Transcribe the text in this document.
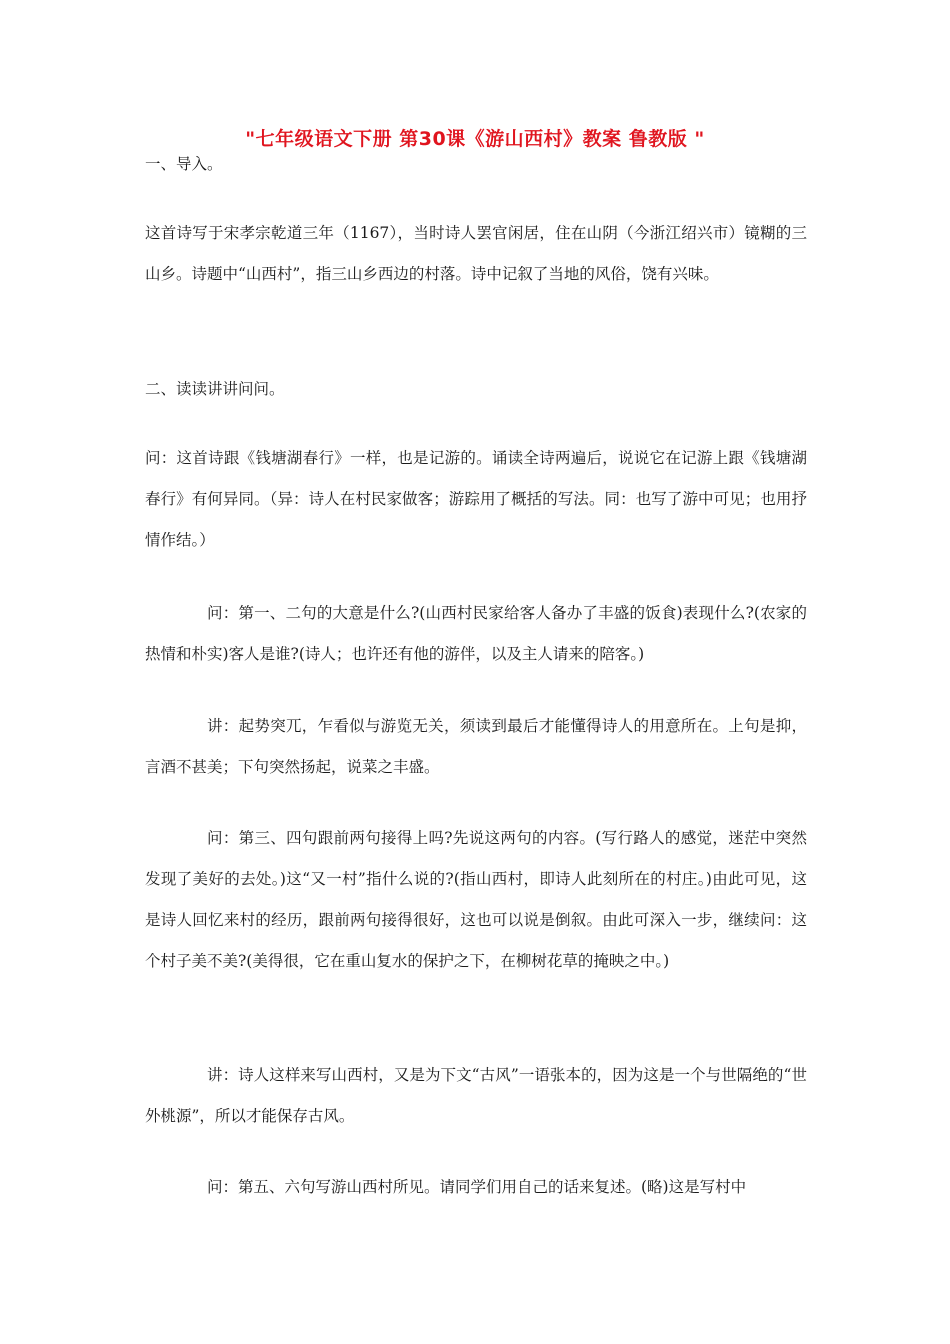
"七年级语文下册 第30课《游山西村》教案 鲁教版 "
一、导入。

这首诗写于宋孝宗乾道三年（1167），当时诗人罢官闲居，住在山阴（今浙江绍兴市）镜糊的三山乡。诗题中“山西村”，指三山乡西边的村落。诗中记叙了当地的风俗，饶有兴味。

二、读读讲讲问问。

问：这首诗跟《钱塘湖春行》一样，也是记游的。诵读全诗两遍后，说说它在记游上跟《钱塘湖春行》有何异同。（异：诗人在村民家做客；游踪用了概括的写法。同：也写了游中可见；也用抒情作结。）

问：第一、二句的大意是什么?(山西村民家给客人备办了丰盛的饭食)表现什么?(农家的热情和朴实)客人是谁?(诗人；也许还有他的游伴，以及主人请来的陪客。)

讲：起势突兀，乍看似与游览无关，须读到最后才能懂得诗人的用意所在。上句是抑，言酒不甚美；下句突然扬起，说菜之丰盛。

问：第三、四句跟前两句接得上吗?先说这两句的内容。(写行路人的感觉，迷茫中突然发现了美好的去处。)这“又一村”指什么说的?(指山西村，即诗人此刻所在的村庄。)由此可见，这是诗人回忆来村的经历，跟前两句接得很好，这也可以说是倒叙。由此可深入一步，继续问：这个村子美不美?(美得很，它在重山复水的保护之下，在柳树花草的掩映之中。)

讲：诗人这样来写山西村，又是为下文“古风”一语张本的，因为这是一个与世隔绝的“世外桃源”，所以才能保存古风。

问：第五、六句写游山西村所见。请同学们用自己的话来复述。(略)这是写村中
